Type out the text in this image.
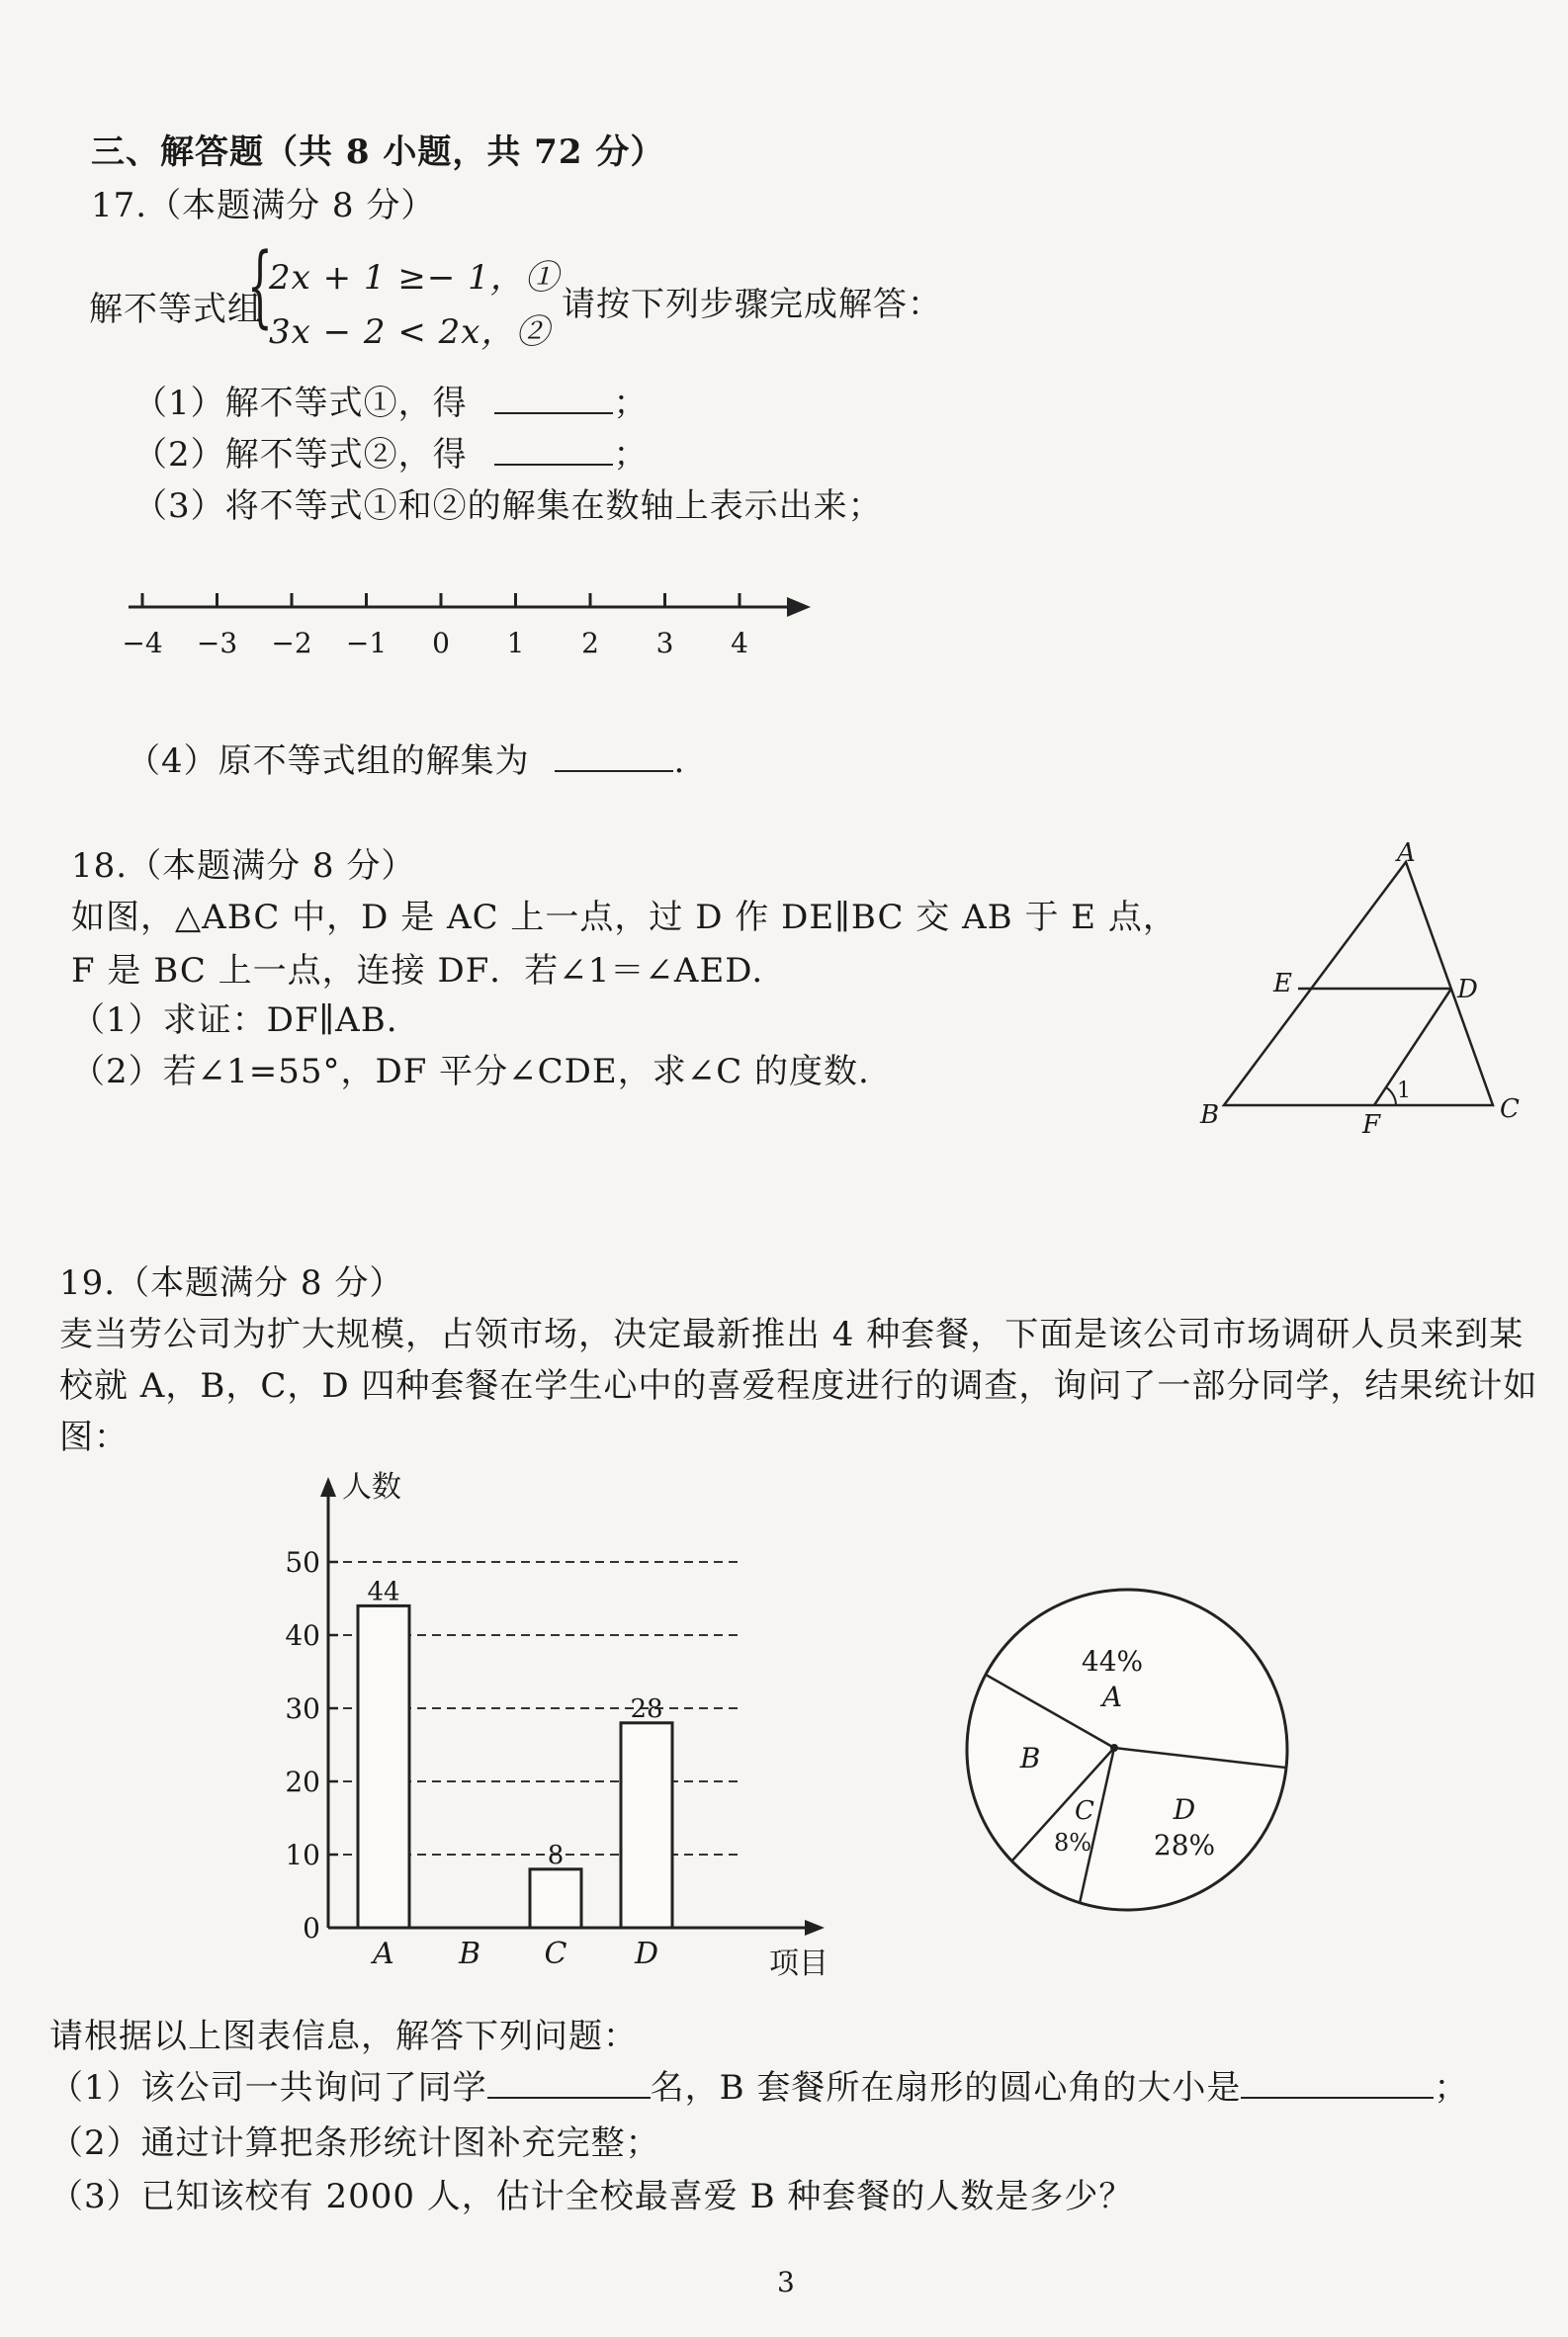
三、解答题（共 8 小题，共 72 分）
17.（本题满分 8 分）
解不等式组
{
2x + 1 ≥− 1，①
3x − 2 < 2x，②
请按下列步骤完成解答：
（1）解不等式①，得	；
（2）解不等式②，得	；
（3）将不等式①和②的解集在数轴上表示出来；
−4 −3 −2 −1 0 1 2 3 4
（4）原不等式组的解集为	.
18.（本题满分 8 分）
如图，△ABC 中，D 是 AC 上一点，过 D 作 DE∥BC 交 AB 于 E 点，
F 是 BC 上一点，连接 DF．若∠1＝∠AED.
（1）求证：DF∥AB.
（2）若∠1=55°，DF 平分∠CDE，求∠C 的度数.
A
B	C
D
E
F
1
19.（本题满分 8 分）
麦当劳公司为扩大规模，占领市场，决定最新推出 4 种套餐，下面是该公司市场调研人员来到某
校就 A，B，C，D 四种套餐在学生心中的喜爱程度进行的调查，询问了一部分同学，结果统计如
图：
人数
项目
0
10
20
30
40
50
44
A B
8
C
28
D
44%
A
B
C
8%
D
28%
请根据以上图表信息，解答下列问题：
（1）该公司一共询问了同学	名，B 套餐所在扇形的圆心角的大小是	；
（2）通过计算把条形统计图补充完整；
（3）已知该校有 2000 人，估计全校最喜爱 B 种套餐的人数是多少？
3
